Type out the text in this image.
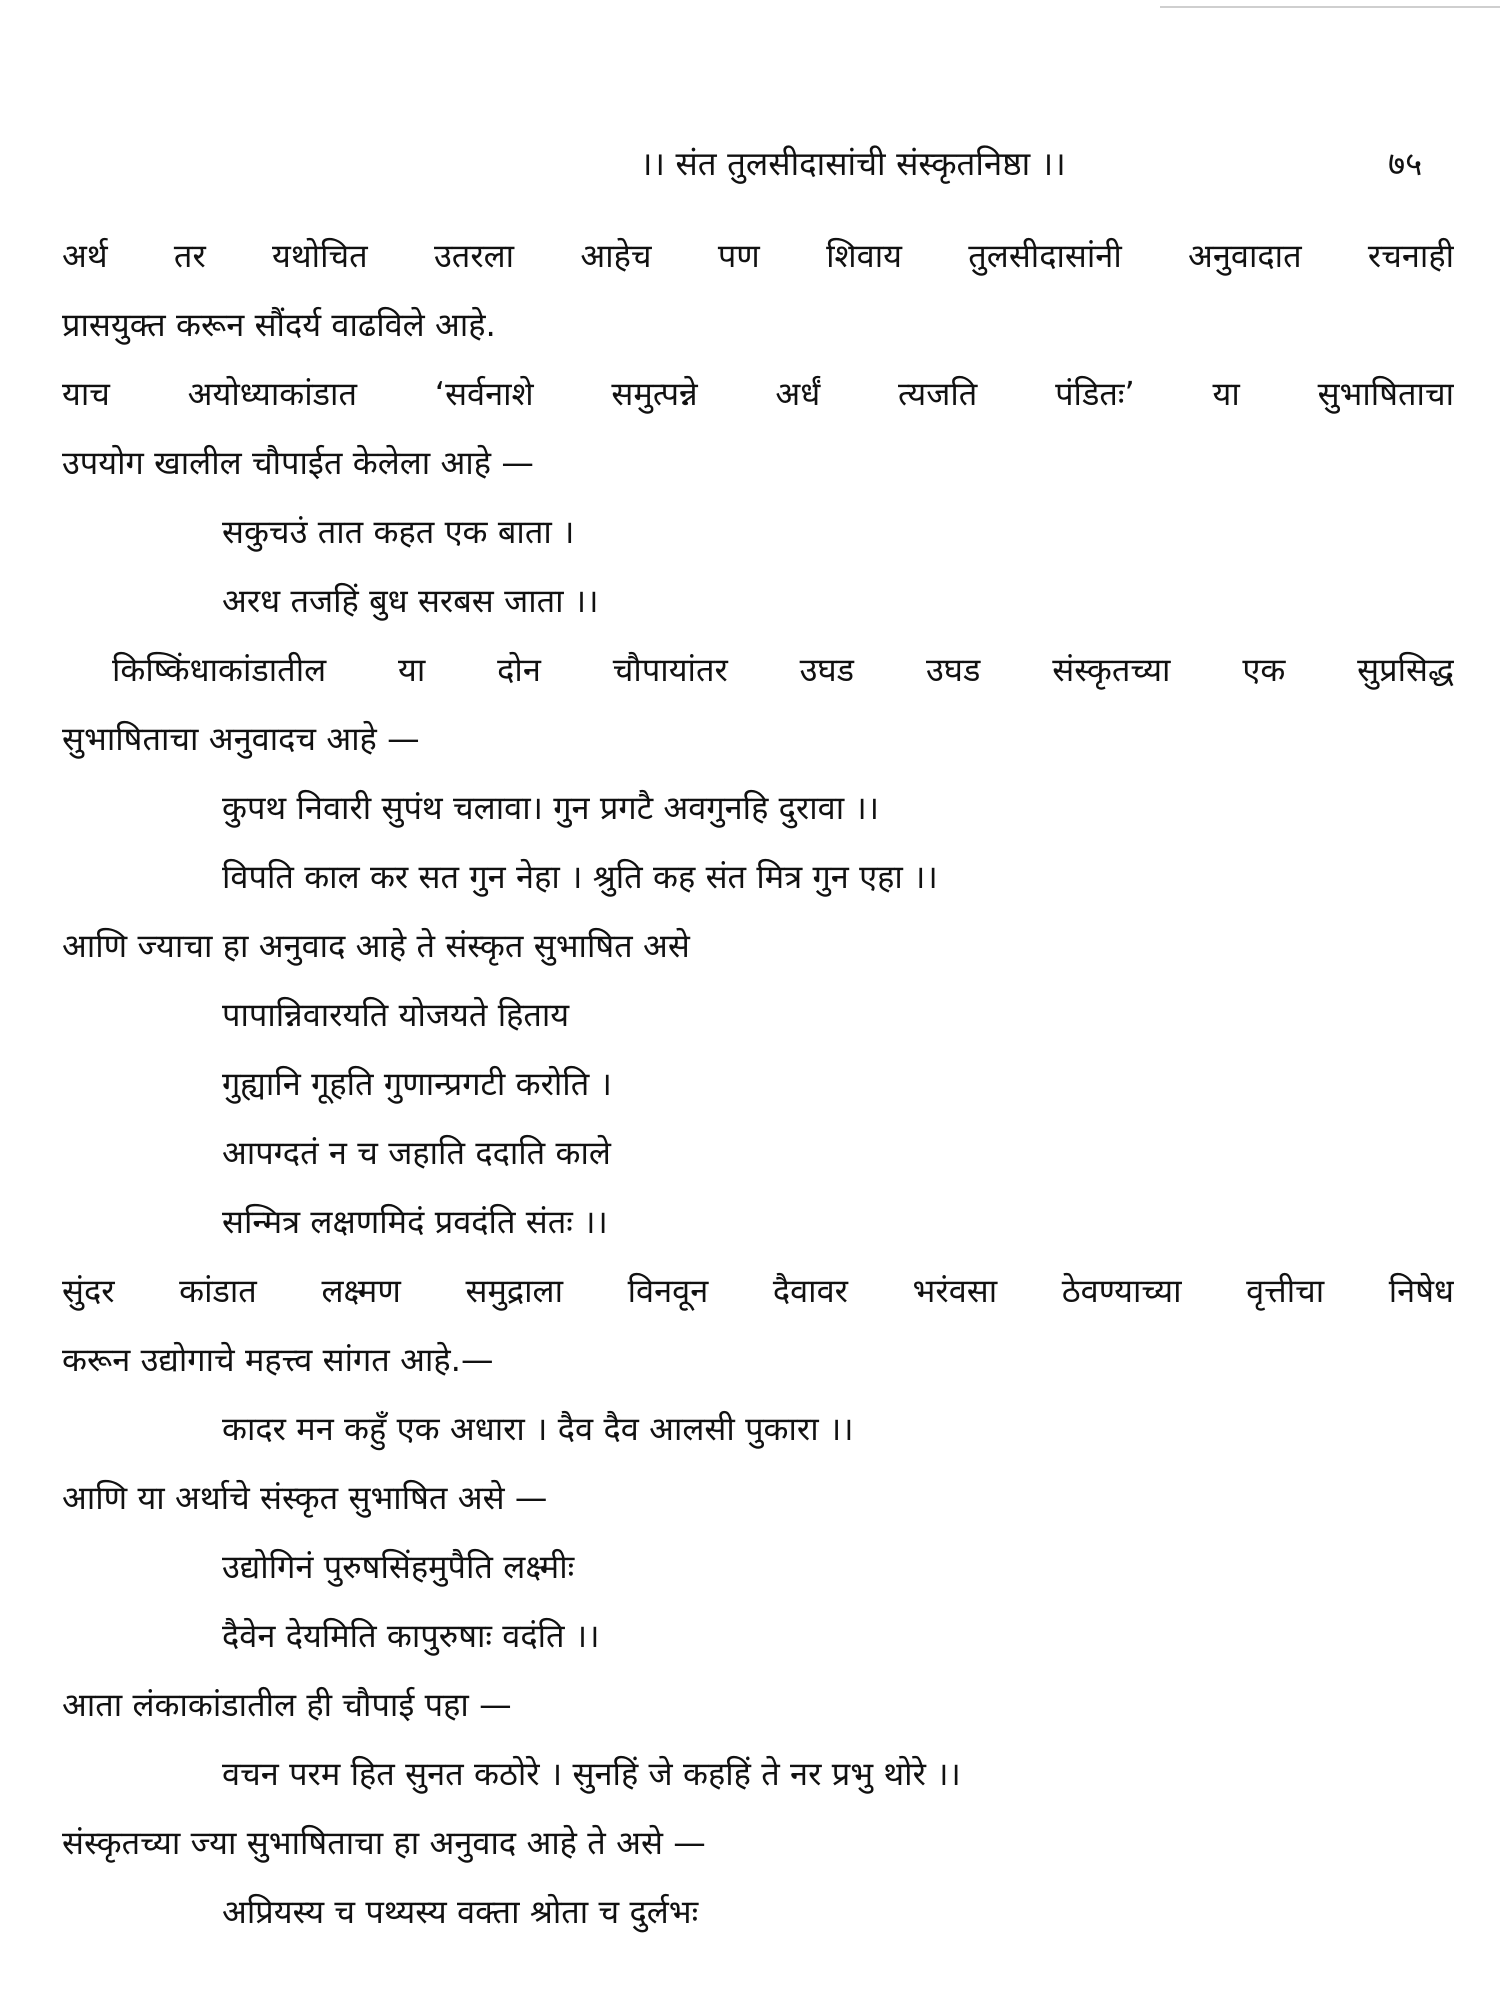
।। संत तुलसीदासांची संस्कृतनिष्ठा ।।	७५
अर्थ तर यथोचित उतरला आहेच पण शिवाय तुलसीदासांनी अनुवादात रचनाही
प्रासयुक्त करून सौंदर्य वाढविले आहे.
याच अयोध्याकांडात ‘सर्वनाशे समुत्पन्ने अर्धं त्यजति पंडितः’ या सुभाषिताचा
उपयोग खालील चौपाईत केलेला आहे —
सकुचउं तात कहत एक बाता ।
अरध तजहिं बुध सरबस जाता ।।
किष्किंधाकांडातील या दोन चौपायांतर उघड उघड संस्कृतच्या एक सुप्रसिद्ध
सुभाषिताचा अनुवादच आहे —
कुपथ निवारी सुपंथ चलावा। गुन प्रगटै अवगुनहि दुरावा ।।
विपति काल कर सत गुन नेहा । श्रुति कह संत मित्र गुन एहा ।।
आणि ज्याचा हा अनुवाद आहे ते संस्कृत सुभाषित असे
पापान्निवारयति योजयते हिताय
गुह्यानि गूहति गुणान्प्रगटी करोति ।
आपग्दतं न च जहाति ददाति काले
सन्मित्र लक्षणमिदं प्रवदंति संतः ।।
सुंदर कांडात लक्ष्मण समुद्राला विनवून दैवावर भरंवसा ठेवण्याच्या वृत्तीचा निषेध
करून उद्योगाचे महत्त्व सांगत आहे.—
कादर मन कहुँ एक अधारा । दैव दैव आलसी पुकारा ।।
आणि या अर्थाचे संस्कृत सुभाषित असे —
उद्योगिनं पुरुषसिंहमुपैति लक्ष्मीः
दैवेन देयमिति कापुरुषाः वदंति ।।
आता लंकाकांडातील ही चौपाई पहा —
वचन परम हित सुनत कठोरे । सुनहिं जे कहहिं ते नर प्रभु थोरे ।।
संस्कृतच्या ज्या सुभाषिताचा हा अनुवाद आहे ते असे —
अप्रियस्य च पथ्यस्य वक्ता श्रोता च दुर्लभः
